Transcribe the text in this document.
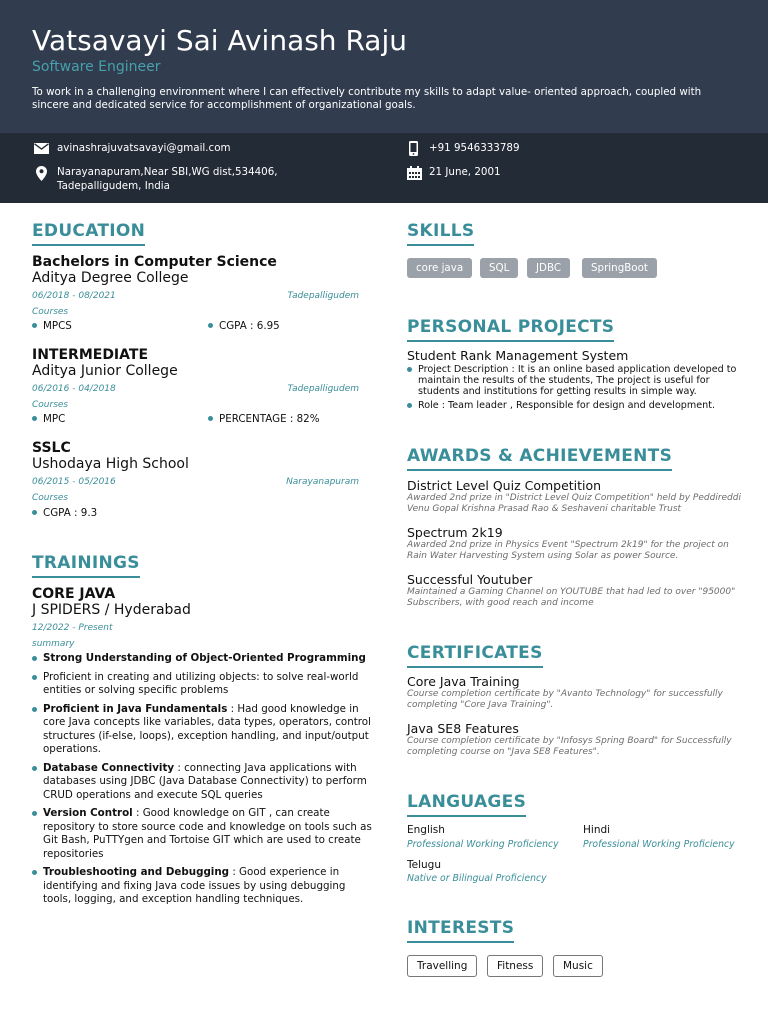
Vatsavayi Sai Avinash Raju
Software Engineer
To work in a challenging environment where I can effectively contribute my skills to adapt value- oriented approach, coupled with sincere and dedicated service for accomplishment of organizational goals.
avinashrajuvatsavayi@gmail.com	+91 9546333789
Narayanapuram,Near SBI,WG dist,534406,
Tadepalligudem, India
21 June, 2001
EDUCATION
Bachelors in Computer Science
Aditya Degree College
06/2018 - 08/2021	Tadepalligudem
Courses
MPCS	CGPA : 6.95
INTERMEDIATE
Aditya Junior College
06/2016 - 04/2018	Tadepalligudem
Courses
MPC	PERCENTAGE : 82%
SSLC
Ushodaya High School
06/2015 - 05/2016	Narayanapuram
Courses
CGPA : 9.3
TRAININGS
CORE JAVA
J SPIDERS / Hyderabad
12/2022 - Present
summary
Strong Understanding of Object-Oriented Programming
Proficient in creating and utilizing objects: to solve real-world entities or solving specific problems
Proficient in Java Fundamentals : Had good knowledge in core Java concepts like variables, data types, operators, control structures (if-else, loops), exception handling, and input/output operations.
Database Connectivity : connecting Java applications with databases using JDBC (Java Database Connectivity) to perform CRUD operations and execute SQL queries
Version Control : Good knowledge on GIT , can create repository to store source code and knowledge on tools such as Git Bash, PuTTYgen and Tortoise GIT which are used to create repositories
Troubleshooting and Debugging : Good experience in identifying and fixing Java code issues by using debugging tools, logging, and exception handling techniques.
SKILLS
core java	SQL	JDBC	SpringBoot
PERSONAL PROJECTS
Student Rank Management System
Project Description : It is an online based application developed to maintain the results of the students, The project is useful for students and institutions for getting results in simple way.
Role : Team leader , Responsible for design and development.
AWARDS & ACHIEVEMENTS
District Level Quiz Competition
Awarded 2nd prize in "District Level Quiz Competition" held by Peddireddi Venu Gopal Krishna Prasad Rao & Seshaveni charitable Trust
Spectrum 2k19
Awarded 2nd prize in Physics Event "Spectrum 2k19" for the project on Rain Water Harvesting System using Solar as power Source.
Successful Youtuber
Maintained a Gaming Channel on YOUTUBE that had led to over "95000" Subscribers, with good reach and income
CERTIFICATES
Core Java Training
Course completion certificate by "Avanto Technology" for successfully completing "Core Java Training".
Java SE8 Features
Course completion certificate by "Infosys Spring Board" for Successfully completing course on "Java SE8 Features".
LANGUAGES
English
Professional Working Proficiency
Hindi
Professional Working Proficiency
Telugu
Native or Bilingual Proficiency
INTERESTS
Travelling	Fitness	Music
